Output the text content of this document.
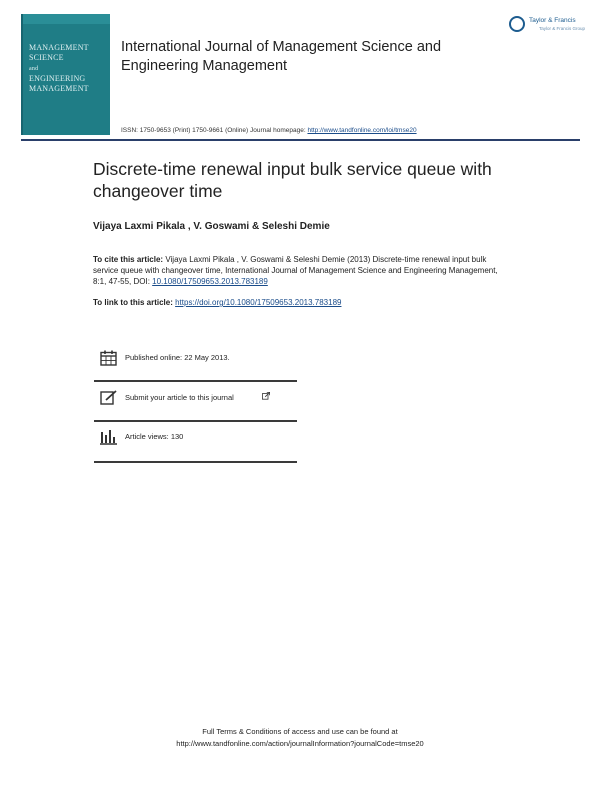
MANAGEMENT
SCIENCE
and
ENGINEERING
MANAGEMENT
International Journal of Management Science and Engineering Management
Taylor & Francis
Taylor & Francis Group
ISSN: 1750-9653 (Print) 1750-9661 (Online) Journal homepage: http://www.tandfonline.com/loi/tmse20
Discrete-time renewal input bulk service queue with changeover time
Vijaya Laxmi Pikala , V. Goswami & Seleshi Demie
To cite this article: Vijaya Laxmi Pikala , V. Goswami & Seleshi Demie (2013) Discrete-time renewal input bulk service queue with changeover time, International Journal of Management Science and Engineering Management, 8:1, 47-55, DOI: 10.1080/17509653.2013.783189
To link to this article: https://doi.org/10.1080/17509653.2013.783189
Published online: 22 May 2013.
Submit your article to this journal
Article views: 130
Full Terms & Conditions of access and use can be found at
http://www.tandfonline.com/action/journalInformation?journalCode=tmse20
